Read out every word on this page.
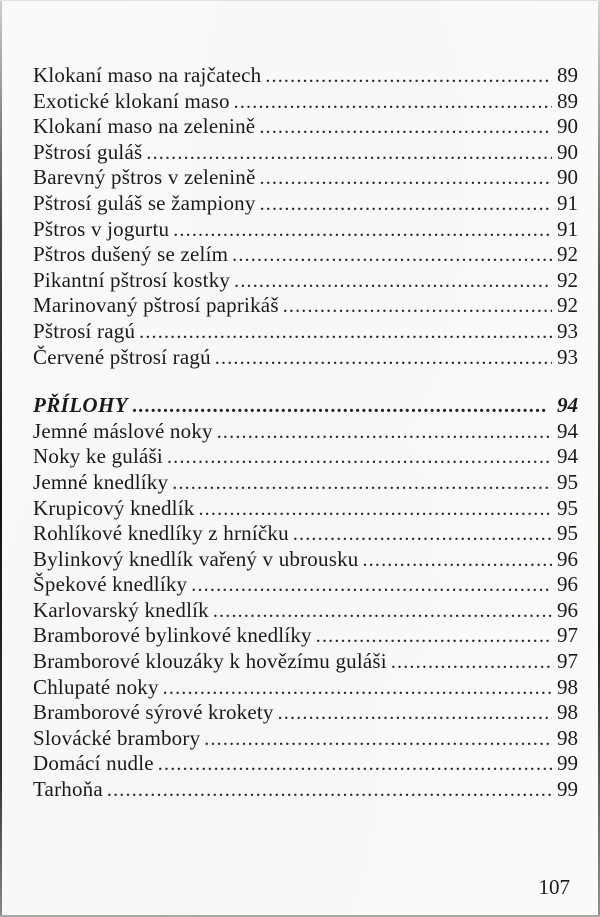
Klokaní maso na rajčatech .....	89
Exotické klokaní maso .....	89
Klokaní maso na zelenině .....	90
Pštrosí guláš .....	90
Barevný pštros v zelenině .....	90
Pštrosí guláš se žampiony .....	91
Pštros v jogurtu .....	91
Pštros dušený se zelím .....	92
Pikantní pštrosí kostky .....	92
Marinovaný pštrosí paprikáš .....	92
Pštrosí ragú .....	93
Červené pštrosí ragú .....	93
PŘÍLOHY .....	94
Jemné máslové noky .....	94
Noky ke guláši .....	94
Jemné knedlíky .....	95
Krupicový knedlík .....	95
Rohlíkové knedlíky z hrníčku .....	95
Bylinkový knedlík vařený v ubrousku .....	96
Špekové knedlíky .....	96
Karlovarský knedlík .....	96
Bramborové bylinkové knedlíky .....	97
Bramborové klouzáky k hovězímu guláši .....	97
Chlupaté noky .....	98
Bramborové sýrové krokety .....	98
Slovácké brambory .....	98
Domácí nudle .....	99
Tarhoňa .....	99
107
